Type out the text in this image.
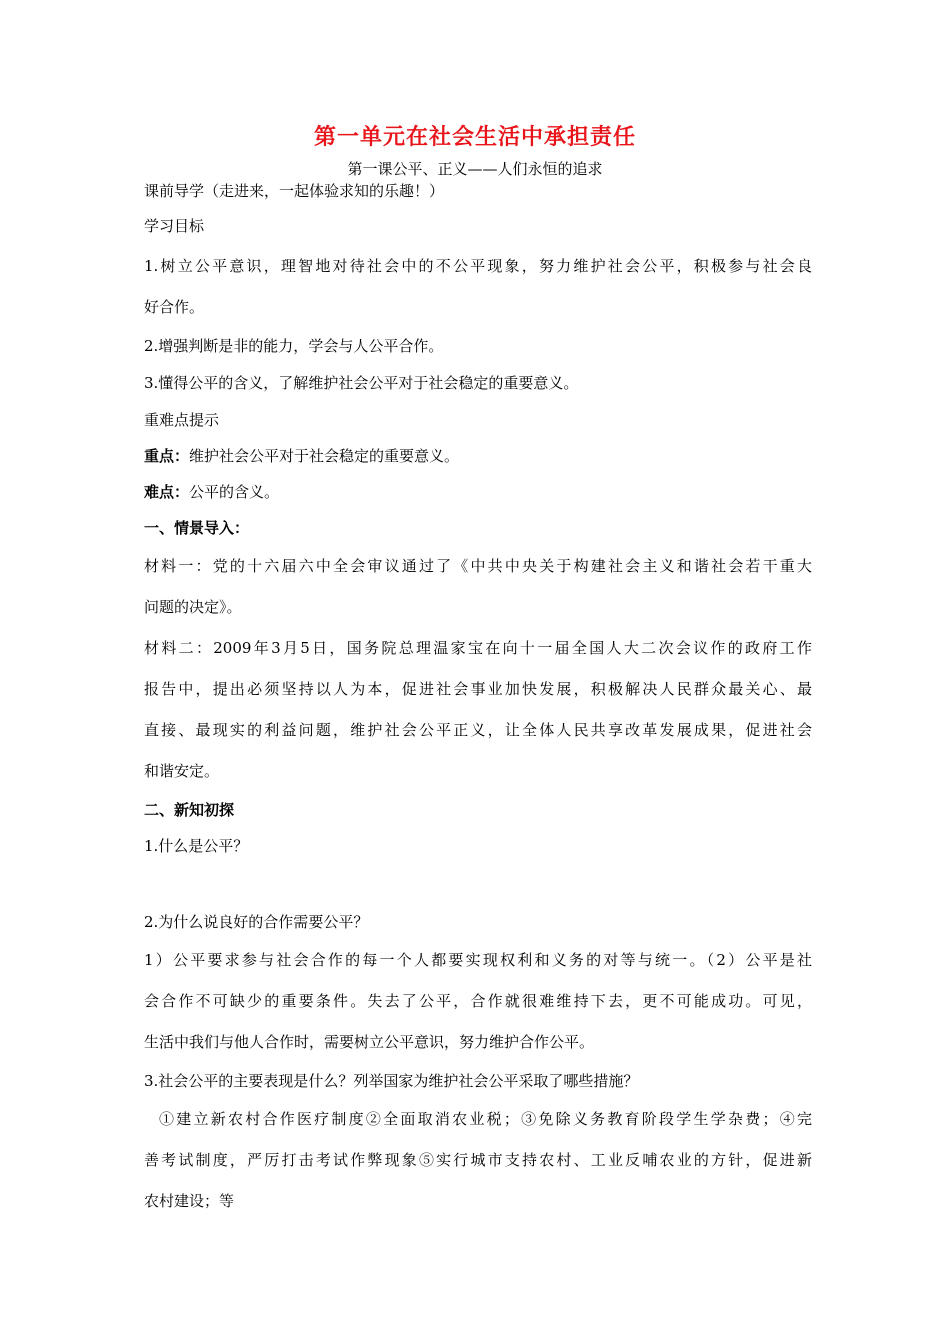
第一单元在社会生活中承担责任
第一课公平、正义——人们永恒的追求
课前导学（走进来，一起体验求知的乐趣！）
学习目标
1.树立公平意识，理智地对待社会中的不公平现象，努力维护社会公平，积极参与社会良
好合作。
2.增强判断是非的能力，学会与人公平合作。
3.懂得公平的含义，了解维护社会公平对于社会稳定的重要意义。
重难点提示
重点：维护社会公平对于社会稳定的重要意义。
难点：公平的含义。
一、情景导入：
材料一：党的十六届六中全会审议通过了《中共中央关于构建社会主义和谐社会若干重大
问题的决定》。
材料二：2009年3月5日，国务院总理温家宝在向十一届全国人大二次会议作的政府工作
报告中，提出必须坚持以人为本，促进社会事业加快发展，积极解决人民群众最关心、最
直接、最现实的利益问题，维护社会公平正义，让全体人民共享改革发展成果，促进社会
和谐安定。
二、新知初探
1.什么是公平？
2.为什么说良好的合作需要公平？
1）公平要求参与社会合作的每一个人都要实现权利和义务的对等与统一。（2）公平是社
会合作不可缺少的重要条件。失去了公平，合作就很难维持下去，更不可能成功。可见，
生活中我们与他人合作时，需要树立公平意识，努力维护合作公平。
3.社会公平的主要表现是什么？列举国家为维护社会公平采取了哪些措施？
①建立新农村合作医疗制度②全面取消农业税；③免除义务教育阶段学生学杂费；④完
善考试制度，严厉打击考试作弊现象⑤实行城市支持农村、工业反哺农业的方针，促进新
农村建设；等
